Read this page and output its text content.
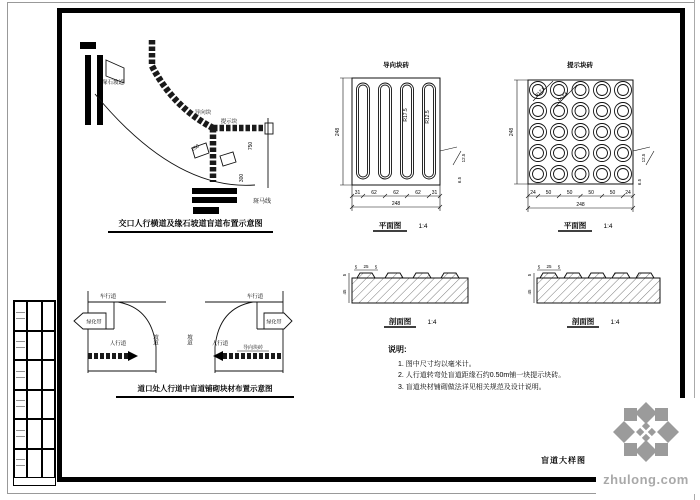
缘石坡道
导向块
提示块
250	750
300
斑马线
交口人行横道及缘石坡道盲道布置示意图
导向块砖
248
R17.5	R12.5
31 62	62	62 31
248
12.5
6.5
平面图	1:4
提示块砖
248
R12.5 R17.5
24 50	50	50	50 24
248
12.5
6.5
平面图	1:4
5 25 5
5
45
剖面图 1:4
5 25 5
5
45
剖面图 1:4
说明:
1. 图中尺寸均以毫米计。
2. 人行道转弯处盲道距缘石约0.50m铺一块提示块砖。
3. 盲道块材铺砌做法详见相关规范及设计说明。
车行道
绿化带
人行道
车行道
绿化带
人行道
导向块砖
坡道	坡道
道口处人行道中盲道铺砌块材布置示意图
——
——
——
——
——
——
——
——
——
——
——
——
盲道大样图
zhulong.com
